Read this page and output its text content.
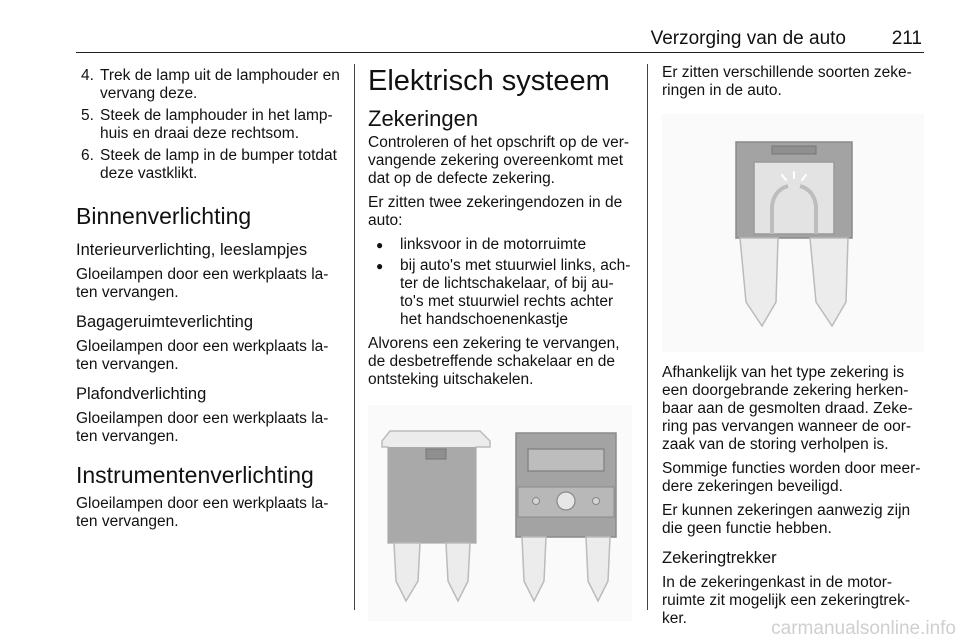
Verzorging van de auto 211
4. Trek de lamp uit de lamphouder en vervang deze.
5. Steek de lamphouder in het lamp-huis en draai deze rechtsom.
6. Steek de lamp in de bumper totdat deze vastklikt.
Binnenverlichting
Interieurverlichting, leeslampjes

Gloeilampen door een werkplaats la-ten vervangen.

Bagageruimteverlichting

Gloeilampen door een werkplaats la-ten vervangen.

Plafondverlichting

Gloeilampen door een werkplaats la-ten vervangen.

Instrumentenverlichting

Gloeilampen door een werkplaats la-ten vervangen.

Elektrisch systeem
Zekeringen

Controleren of het opschrift op de ver-vangende zekering overeenkomt met dat op de defecte zekering.

Er zitten twee zekeringendozen in de auto:

● linksvoor in de motorruimte
● bij auto's met stuurwiel links, ach-ter de lichtschakelaar, of bij au-to's met stuurwiel rechts achter het handschoenenkastje

Alvorens een zekering te vervangen, de desbetreffende schakelaar en de ontsteking uitschakelen.

Er zitten verschillende soorten zeke-ringen in de auto.

Afhankelijk van het type zekering is een doorgebrande zekering herken-baar aan de gesmolten draad. Zeke-ring pas vervangen wanneer de oor-zaak van de storing verholpen is.

Sommige functies worden door meer-dere zekeringen beveiligd.

Er kunnen zekeringen aanwezig zijn die geen functie hebben.

Zekeringtrekker

In de zekeringenkast in de motor-ruimte zit mogelijk een zekeringtrek-ker.	carmanualsonline.info
